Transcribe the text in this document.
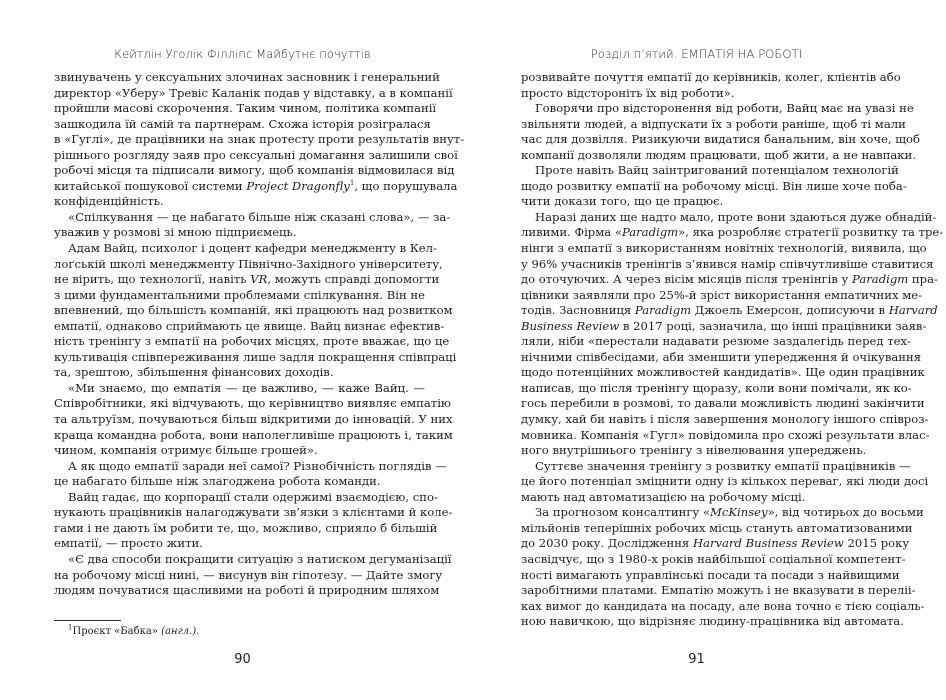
Кейтлін Уголік Філліпс Майбутнє почуттів
звинувачень у сексуальних злочинах засновник і генеральний
директор «Уберу» Тревіс Каланік подав у відставку, а в компанії
пройшли масові скорочення. Таким чином, політика компанії
зашкодила їй самій та партнерам. Схожа історія розігралася
в «Гуглі», де працівники на знак протесту проти результатів внут-
рішнього розгляду заяв про сексуальні домагання залишили свої
робочі місця та підписали вимогу, щоб компанія відмовилася від
китайської пошукової системи Project Dragonfly$^1$, що порушувала
конфіденційність.
«Спілкування — це набагато більше ніж сказані слова», — за-
уважив у розмові зі мною підприємець.
Адам Вайц, психолог і доцент кафедри менеджменту в Кел-
лоґській школі менеджменту Північно-Західного університету,
не вірить, що технології, навіть VR, можуть справді допомогти
з цими фундаментальними проблемами спілкування. Він не
впевнений, що більшість компаній, які працюють над розвитком
емпатії, однаково сприймають це явище. Вайц визнає ефектив-
ність тренінгу з емпатії на робочих місцях, проте вважає, що це
культивація співпереживання лише задля покращення співпраці
та, зрештою, збільшення фінансових доходів.
«Ми знаємо, що емпатія — це важливо, — каже Вайц. —
Співробітники, які відчувають, що керівництво виявляє емпатію
та альтруїзм, почуваються більш відкритими до інновацій. У них
краща командна робота, вони наполегливіше працюють і, таким
чином, компанія отримує більше грошей».
А як щодо емпатії заради неї самої? Різнобічність поглядів —
це набагато більше ніж злагоджена робота команди.
Вайц гадає, що корпорації стали одержимі взаємодією, спо-
нукають працівників налагоджувати зв’язки з клієнтами й коле-
гами і не дають їм робити те, що, можливо, сприяло б більшій
емпатії, — просто жити.
«Є два способи покращити ситуацію з натиском дегуманізації
на робочому місці нині, — висунув він гіпотезу. — Дайте змогу
людям почуватися щасливими на роботі й природним шляхом
$^1$Проєкт «Бабка» (англ.).
90
Розділ п’ятий. ЕМПАТІЯ НА РОБОТІ
розвивайте почуття емпатії до керівників, колег, клієнтів або
просто відстороніть їх від роботи».
Говорячи про відсторонення від роботи, Вайц має на увазі не
звільняти людей, а відпускати їх з роботи раніше, щоб ті мали
час для дозвілля. Ризикуючи видатися банальним, він хоче, щоб
компанії дозволяли людям працювати, щоб жити, а не навпаки.
Проте навіть Вайц заінтригований потенціалом технологій
щодо розвитку емпатії на робочому місці. Він лише хоче поба-
чити докази того, що це працює.
Наразі даних ще надто мало, проте вони здаються дуже обнадій-
ливими. Фірма «Paradigm», яка розробляє стратегії розвитку та тре-
нінги з емпатії з використанням новітніх технологій, виявила, що
у 96% учасників тренінгів з’явився намір співчутливіше ставитися
до оточуючих. А через вісім місяців після тренінгів у Paradigm пра-
цівники заявляли про 25%-й зріст використання емпатичних ме-
тодів. Засновниця Paradigm Джоель Емерсон, дописуючи в Harvard
Business Review в 2017 році, зазначила, що інші працівники заяв-
ляли, ніби «перестали надавати резюме заздалегідь перед тех-
нічними співбесідами, аби зменшити упередження й очікування
щодо потенційних можливостей кандидатів». Ще один працівник
написав, що після тренінгу щоразу, коли вони помічали, як ко-
гось перебили в розмові, то давали можливість людині закінчити
думку, хай би навіть і після завершення монологу іншого співроз-
мовника. Компанія «Гугл» повідомила про схожі результати влас-
ного внутрішнього тренінгу з нівелювання упереджень.
Суттєве значення тренінгу з розвитку емпатії працівників —
це його потенціал зміцнити одну із кількох переваг, які люди досі
мають над автоматизацією на робочому місці.
За прогнозом консалтингу «McKinsey», від чотирьох до восьми
мільйонів теперішніх робочих місць стануть автоматизованими
до 2030 року. Дослідження Harvard Business Review 2015 року
засвідчує, що з 1980-х років найбільшої соціальної компетент-
ності вимагають управлінські посади та посади з найвищими
заробітними платами. Емпатію можуть і не вказувати в переліі-
ках вимог до кандидата на посаду, але вона точно є тією соціаль-
ною навичкою, що відрізняє людину-працівника від автомата.
91
